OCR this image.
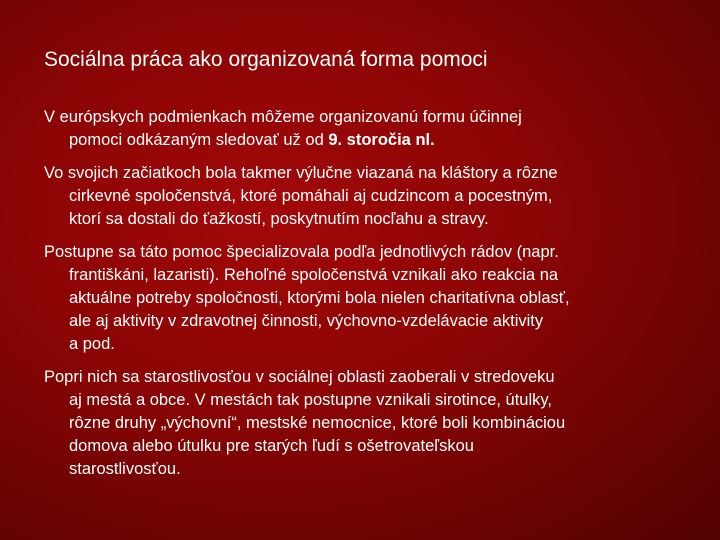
Sociálna práca ako organizovaná forma pomoci
V európskych podmienkach môžeme organizovanú formu účinnej
pomoci odkázaným sledovať už od 9. storočia nl.
Vo svojich začiatkoch bola takmer výlučne viazaná na kláštory a rôzne
cirkevné spoločenstvá, ktoré pomáhali aj cudzincom a pocestným,
ktorí sa dostali do ťažkostí, poskytnutím nocľahu a stravy.
Postupne sa táto pomoc špecializovala podľa jednotlivých rádov (napr.
františkáni, lazaristi). Rehoľné spoločenstvá vznikali ako reakcia na
aktuálne potreby spoločnosti, ktorými bola nielen charitatívna oblasť,
ale aj aktivity v zdravotnej činnosti, výchovno-vzdelávacie aktivity
a pod.
Popri nich sa starostlivosťou v sociálnej oblasti zaoberali v stredoveku
aj mestá a obce. V mestách tak postupne vznikali sirotince, útulky,
rôzne druhy „výchovní“, mestské nemocnice, ktoré boli kombináciou
domova alebo útulku pre starých ľudí s ošetrovateľskou
starostlivosťou.
